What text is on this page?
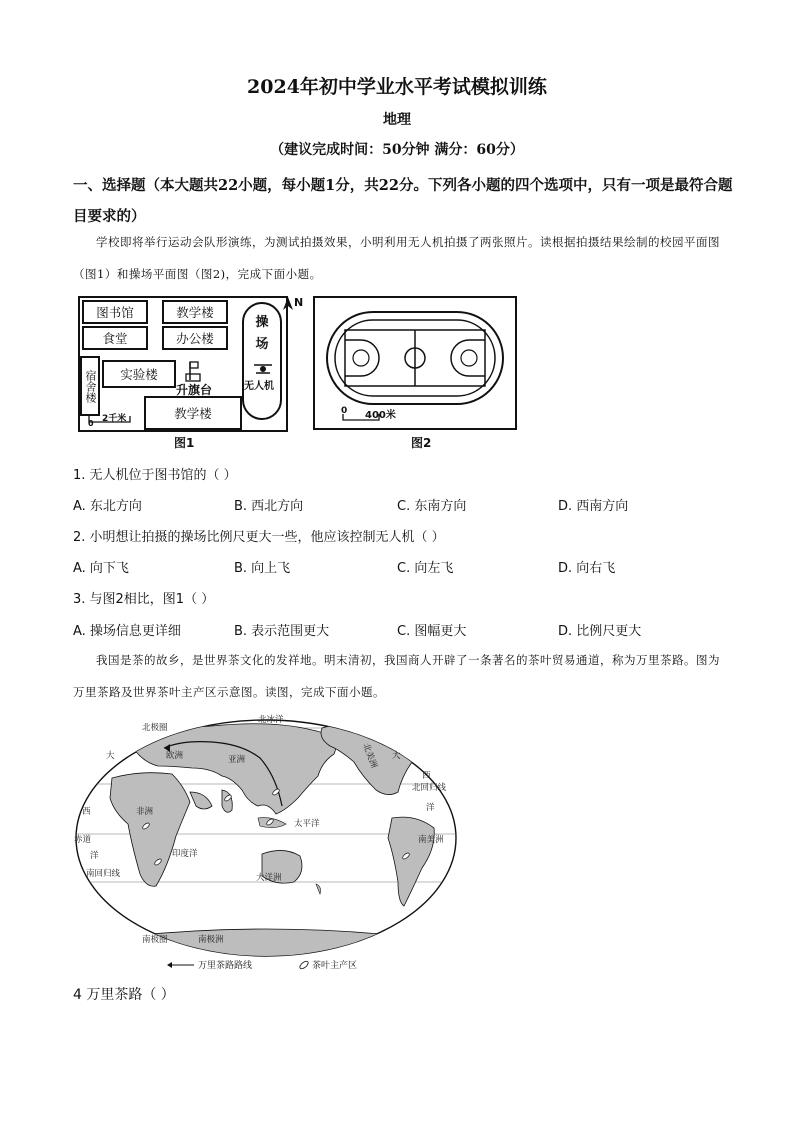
2024年初中学业水平考试模拟训练
地理
（建议完成时间：50分钟 满分：60分）
一、选择题（本大题共22小题，每小题1分，共22分。下列各小题的四个选项中，只有一项是最符合题目要求的）
学校即将举行运动会队形演练，为测试拍摄效果，小明利用无人机拍摄了两张照片。读根据拍摄结果绘制的校园平面图（图1）和操场平面图（图2)，完成下面小题。
图书馆	教学楼
食堂	办公楼
宿舍楼	实验楼
教学楼
升旗台
操场
无人机
N
0 2千米
图1
0 400米
图2
1. 无人机位于图书馆的（ ）
A. 东北方向	B. 西北方向	C. 东南方向	D. 西南方向
2. 小明想让拍摄的操场比例尺更大一些，他应该控制无人机（ ）
A. 向下飞	B. 向上飞	C. 向左飞	D. 向右飞
3. 与图2相比，图1（ ）
A. 操场信息更详细	B. 表示范围更大	C. 图幅更大	D. 比例尺更大
我国是茶的故乡，是世界茶文化的发祥地。明末清初，我国商人开辟了一条著名的茶叶贸易通道，称为万里茶路。图为万里茶路及世界茶叶主产区示意图。读图，完成下面小题。
北冰洋
北极圈
欧洲	亚洲
非洲
北美洲
南美洲
大洋洲
南极洲
南极圈
太平洋
印度洋
大
西
洋
大
西
洋
赤道
北回归线
南回归线
万里茶路路线	茶叶主产区
4 万里茶路（ ）
